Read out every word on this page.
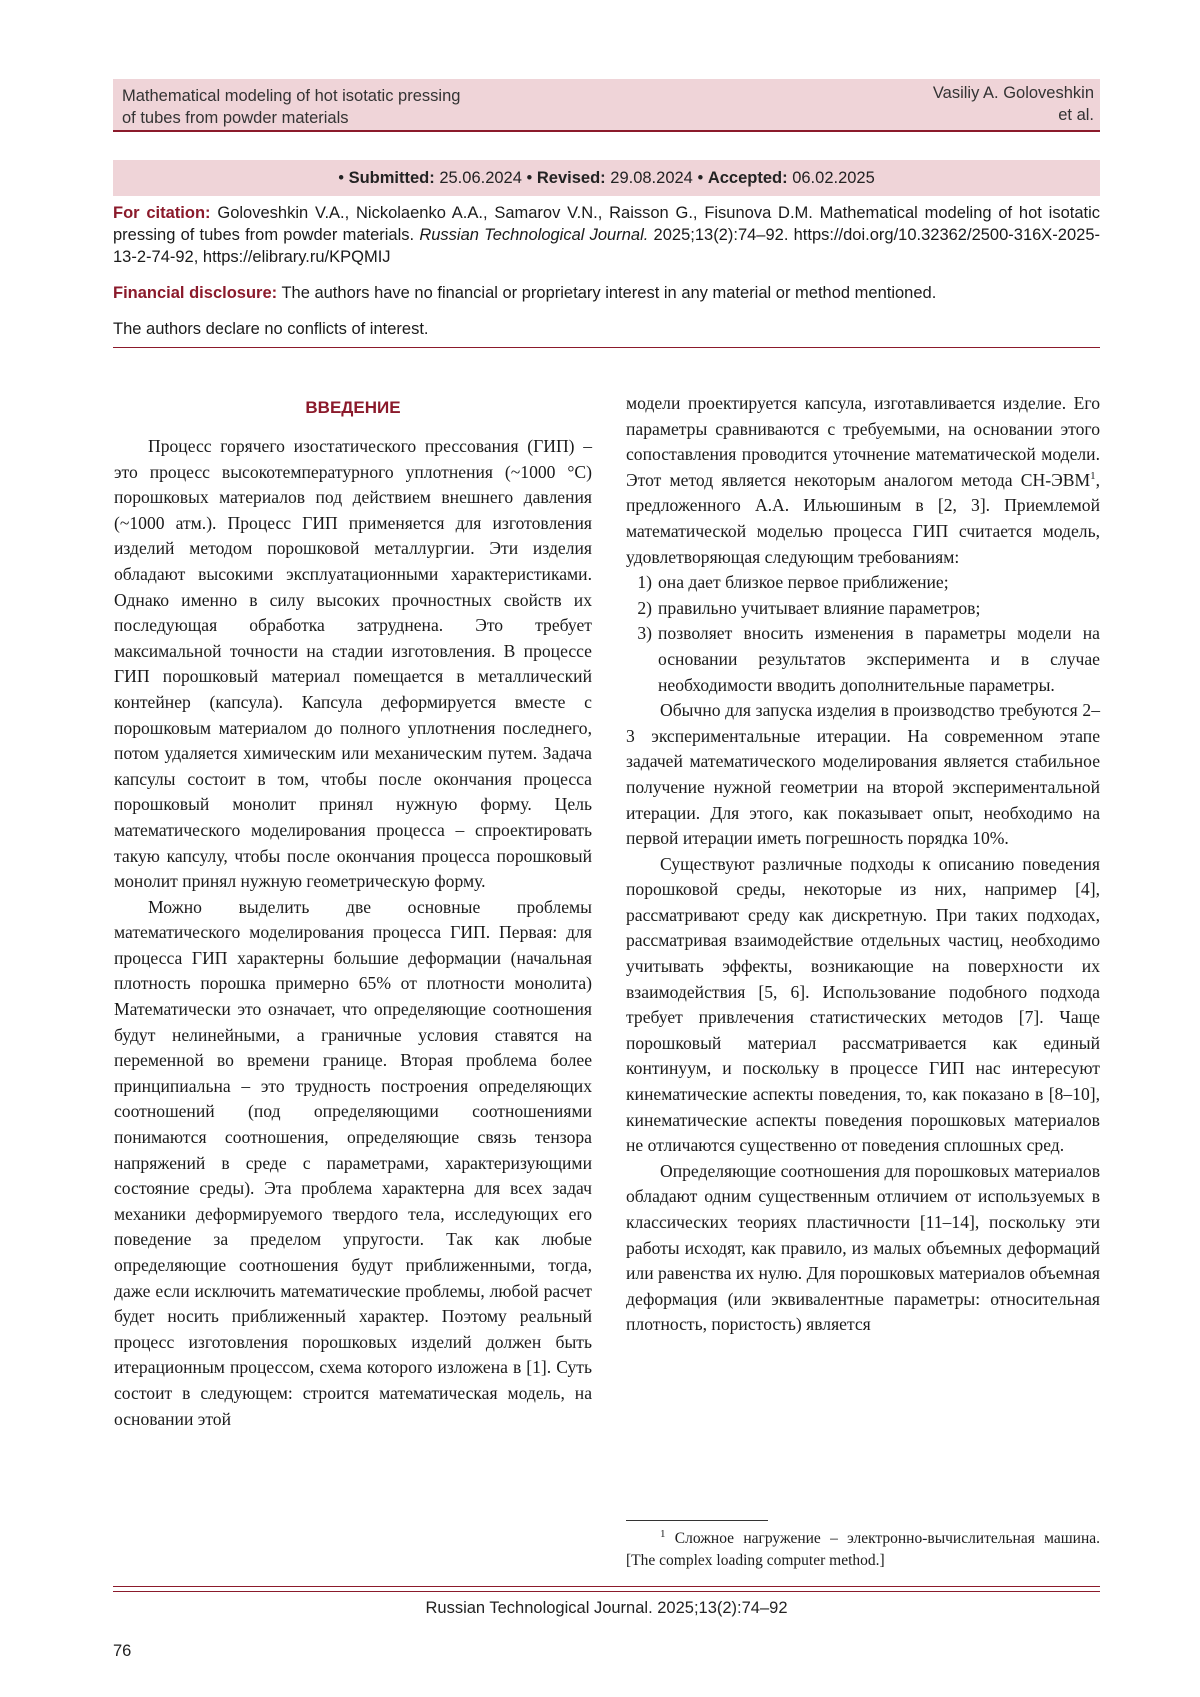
Mathematical modeling of hot isotatic pressing
of tubes from powder materials
Vasiliy A. Goloveshkin
et al.
• Submitted: 25.06.2024 • Revised: 29.08.2024 • Accepted: 06.02.2025
For citation: Goloveshkin V.A., Nickolaenko A.A., Samarov V.N., Raisson G., Fisunova D.M. Mathematical modeling of hot isotatic pressing of tubes from powder materials. Russian Technological Journal. 2025;13(2):74–92. https://doi.org/10.32362/2500-316X-2025-13-2-74-92, https://elibrary.ru/KPQMIJ
Financial disclosure: The authors have no financial or proprietary interest in any material or method mentioned.
The authors declare no conflicts of interest.
ВВЕДЕНИЕ

Процесс горячего изостатического прессования (ГИП) – это процесс высокотемпературного уплотнения (~1000 °С) порошковых материалов под действием внешнего давления (~1000 атм.). Процесс ГИП применяется для изготовления изделий методом порошковой металлургии. Эти изделия обладают высокими эксплуатационными характеристиками. Однако именно в силу высоких прочностных свойств их последующая обработка затруднена. Это требует максимальной точности на стадии изготовления. В процессе ГИП порошковый материал помещается в металлический контейнер (капсула). Капсула деформируется вместе с порошковым материалом до полного уплотнения последнего, потом удаляется химическим или механическим путем. Задача капсулы состоит в том, чтобы после окончания процесса порошковый монолит принял нужную форму. Цель математического моделирования процесса – спроектировать такую капсулу, чтобы после окончания процесса порошковый монолит принял нужную геометрическую форму.

Можно выделить две основные проблемы математического моделирования процесса ГИП. Первая: для процесса ГИП характерны большие деформации (начальная плотность порошка примерно 65% от плотности монолита) Математически это означает, что определяющие соотношения будут нелинейными, а граничные условия ставятся на переменной во времени границе. Вторая проблема более принципиальна – это трудность построения определяющих соотношений (под определяющими соотношениями понимаются соотношения, определяющие связь тензора напряжений в среде с параметрами, характеризующими состояние среды). Эта проблема характерна для всех задач механики деформируемого твердого тела, исследующих его поведение за пределом упругости. Так как любые определяющие соотношения будут приближенными, тогда, даже если исключить математические проблемы, любой расчет будет носить приближенный характер. Поэтому реальный процесс изготовления порошковых изделий должен быть итерационным процессом, схема которого изложена в [1]. Суть состоит в следующем: строится математическая модель, на основании этой

модели проектируется капсула, изготавливается изделие. Его параметры сравниваются с требуемыми, на основании этого сопоставления проводится уточнение математической модели. Этот метод является некоторым аналогом метода СН-ЭВМ$^1$, предложенного А.А. Ильюшиным в [2, 3]. Приемлемой математической моделью процесса ГИП считается модель, удовлетворяющая следующим требованиям:

1) она дает близкое первое приближение;
2) правильно учитывает влияние параметров;
3) позволяет вносить изменения в параметры модели на основании результатов эксперимента и в случае необходимости вводить дополнительные параметры.

Обычно для запуска изделия в производство требуются 2–3 экспериментальные итерации. На современном этапе задачей математического моделирования является стабильное получение нужной геометрии на второй экспериментальной итерации. Для этого, как показывает опыт, необходимо на первой итерации иметь погрешность порядка 10%.

Существуют различные подходы к описанию поведения порошковой среды, некоторые из них, например [4], рассматривают среду как дискретную. При таких подходах, рассматривая взаимодействие отдельных частиц, необходимо учитывать эффекты, возникающие на поверхности их взаимодействия [5, 6]. Использование подобного подхода требует привлечения статистических методов [7]. Чаще порошковый материал рассматривается как единый континуум, и поскольку в процессе ГИП нас интересуют кинематические аспекты поведения, то, как показано в [8–10], кинематические аспекты поведения порошковых материалов не отличаются существенно от поведения сплошных сред.

Определяющие соотношения для порошковых материалов обладают одним существенным отличием от используемых в классических теориях пластичности [11–14], поскольку эти работы исходят, как правило, из малых объемных деформаций или равенства их нулю. Для порошковых материалов объемная деформация (или эквивалентные параметры: относительная плотность, пористость) является

$^1$ Сложное нагружение – электронно-вычислительная машина. [The complex loading computer method.]
Russian Technological Journal. 2025;13(2):74–92
76
